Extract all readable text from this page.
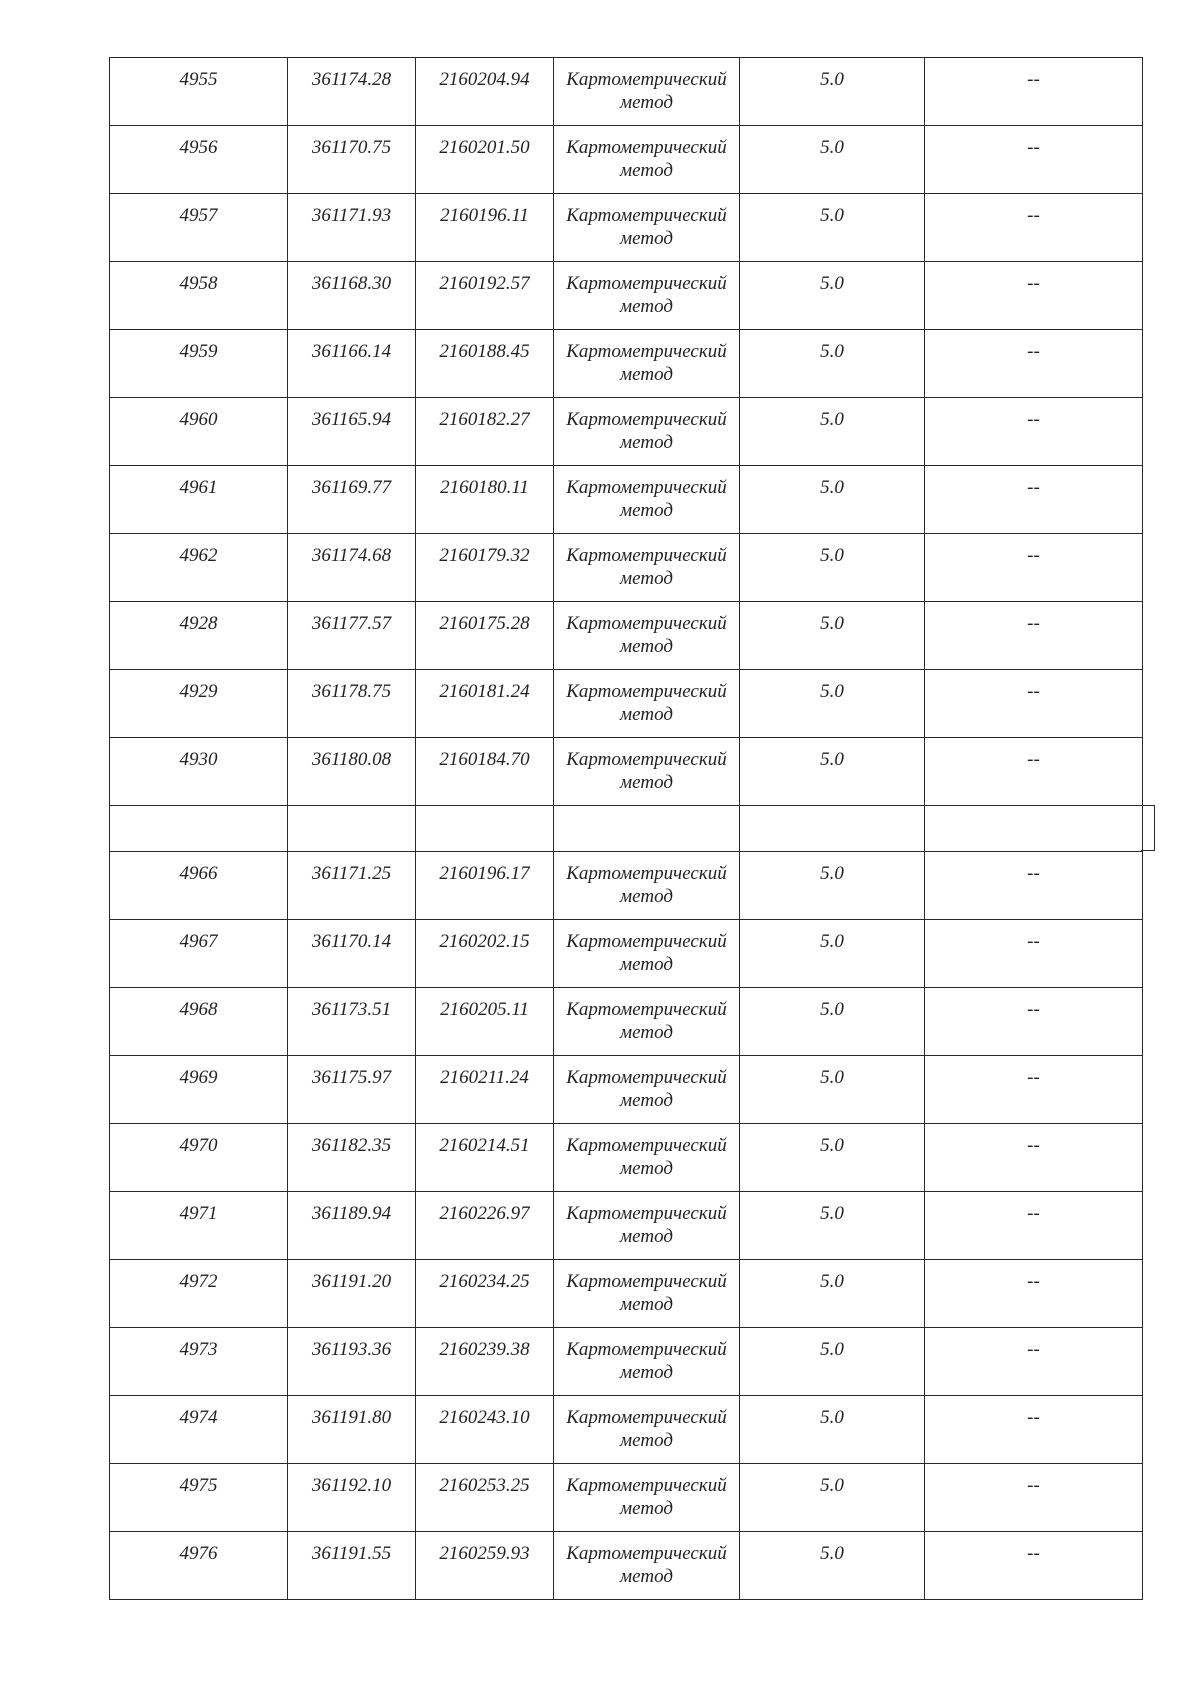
4955	361174.28	2160204.94	Картометрический метод	5.0	--
4956	361170.75	2160201.50	Картометрический метод	5.0	--
4957	361171.93	2160196.11	Картометрический метод	5.0	--
4958	361168.30	2160192.57	Картометрический метод	5.0	--
4959	361166.14	2160188.45	Картометрический метод	5.0	--
4960	361165.94	2160182.27	Картометрический метод	5.0	--
4961	361169.77	2160180.11	Картометрический метод	5.0	--
4962	361174.68	2160179.32	Картометрический метод	5.0	--
4928	361177.57	2160175.28	Картометрический метод	5.0	--
4929	361178.75	2160181.24	Картометрический метод	5.0	--
4930	361180.08	2160184.70	Картометрический метод	5.0	--

4966	361171.25	2160196.17	Картометрический метод	5.0	--
4967	361170.14	2160202.15	Картометрический метод	5.0	--
4968	361173.51	2160205.11	Картометрический метод	5.0	--
4969	361175.97	2160211.24	Картометрический метод	5.0	--
4970	361182.35	2160214.51	Картометрический метод	5.0	--
4971	361189.94	2160226.97	Картометрический метод	5.0	--
4972	361191.20	2160234.25	Картометрический метод	5.0	--
4973	361193.36	2160239.38	Картометрический метод	5.0	--
4974	361191.80	2160243.10	Картометрический метод	5.0	--
4975	361192.10	2160253.25	Картометрический метод	5.0	--
4976	361191.55	2160259.93	Картометрический метод	5.0	--
